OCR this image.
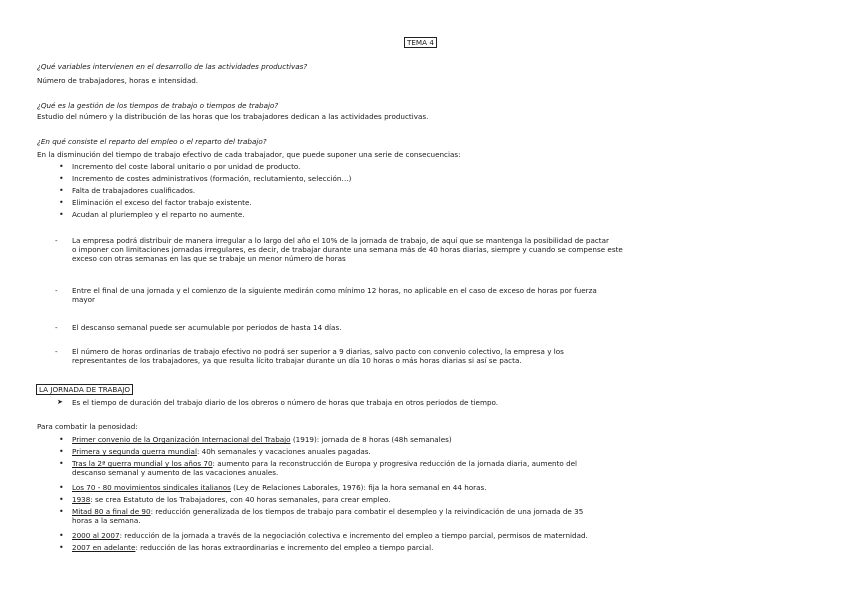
TEMA 4
¿Qué variables intervienen en el desarrollo de las actividades productivas?
Número de trabajadores, horas e intensidad.
¿Qué es la gestión de los tiempos de trabajo o tiempos de trabajo?
Estudio del número y la distribución de las horas que los trabajadores dedican a las actividades productivas.
¿En qué consiste el reparto del empleo o el reparto del trabajo?
En la disminución del tiempo de trabajo efectivo de cada trabajador, que puede suponer una serie de consecuencias:
• Incremento del coste laboral unitario o por unidad de producto.
• Incremento de costes administrativos (formación, reclutamiento, selección…)
• Falta de trabajadores cualificados.
• Eliminación el exceso del factor trabajo existente.
• Acudan al pluriempleo y el reparto no aumente.
- La empresa podrá distribuir de manera irregular a lo largo del año el 10% de la jornada de trabajo, de aquí que se mantenga la posibilidad de pactar
o imponer con limitaciones jornadas irregulares, es decir, de trabajar durante una semana más de 40 horas diarias, siempre y cuando se compense este
exceso con otras semanas en las que se trabaje un menor número de horas
- Entre el final de una jornada y el comienzo de la siguiente medirán como mínimo 12 horas, no aplicable en el caso de exceso de horas por fuerza
mayor
- El descanso semanal puede ser acumulable por periodos de hasta 14 días.
- El número de horas ordinarias de trabajo efectivo no podrá ser superior a 9 diarias, salvo pacto con convenio colectivo, la empresa y los
representantes de los trabajadores, ya que resulta lícito trabajar durante un día 10 horas o más horas diarias si así se pacta.
LA JORNADA DE TRABAJO
➤ Es el tiempo de duración del trabajo diario de los obreros o número de horas que trabaja en otros periodos de tiempo.
Para combatir la penosidad:
• Primer convenio de la Organización Internacional del Trabajo (1919): jornada de 8 horas (48h semanales)
• Primera y segunda guerra mundial: 40h semanales y vacaciones anuales pagadas.
• Tras la 2ª guerra mundial y los años 70: aumento para la reconstrucción de Europa y progresiva reducción de la jornada diaria, aumento del
descanso semanal y aumento de las vacaciones anuales.
• Los 70 - 80 movimientos sindicales italianos (Ley de Relaciones Laborales, 1976): fija la hora semanal en 44 horas.
• 1938: se crea Estatuto de los Trabajadores, con 40 horas semanales, para crear empleo.
• Mitad 80 a final de 90: reducción generalizada de los tiempos de trabajo para combatir el desempleo y la reivindicación de una jornada de 35
horas a la semana.
• 2000 al 2007: reducción de la jornada a través de la negociación colectiva e incremento del empleo a tiempo parcial, permisos de maternidad.
• 2007 en adelante: reducción de las horas extraordinarias e incremento del empleo a tiempo parcial.
